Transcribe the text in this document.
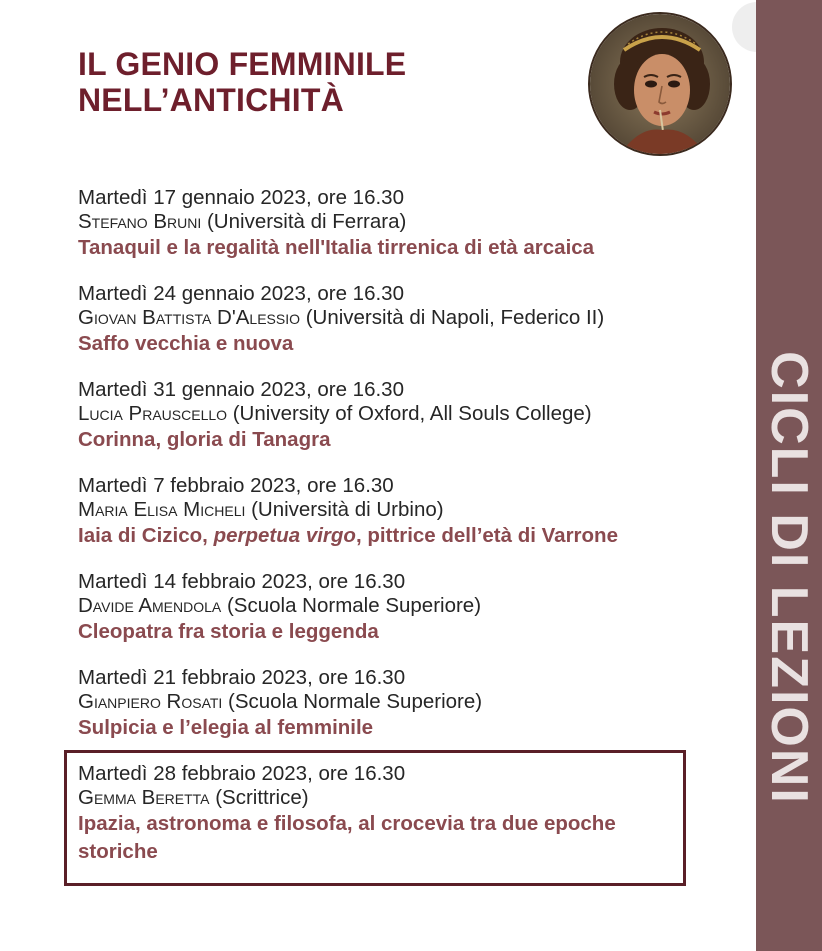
IL GENIO FEMMINILE
NELL’ANTICHITÀ
CICLI DI LEZIONI
Martedì 17 gennaio 2023, ore 16.30
Stefano Bruni (Università di Ferrara)
Tanaquil e la regalità nell'Italia tirrenica di età arcaica
Martedì 24 gennaio 2023, ore 16.30
Giovan Battista D'Alessio (Università di Napoli, Federico II)
Saffo vecchia e nuova
Martedì 31 gennaio 2023, ore 16.30
Lucia Prauscello (University of Oxford, All Souls College)
Corinna, gloria di Tanagra
Martedì 7 febbraio 2023, ore 16.30
Maria Elisa Micheli (Università di Urbino)
Iaia di Cizico, perpetua virgo, pittrice dell’età di Varrone
Martedì 14 febbraio 2023, ore 16.30
Davide Amendola (Scuola Normale Superiore)
Cleopatra fra storia e leggenda
Martedì 21 febbraio 2023, ore 16.30
Gianpiero Rosati (Scuola Normale Superiore)
Sulpicia e l’elegia al femminile
Martedì 28 febbraio 2023, ore 16.30
Gemma Beretta (Scrittrice)
Ipazia, astronoma e filosofa, al crocevia tra due epoche storiche
